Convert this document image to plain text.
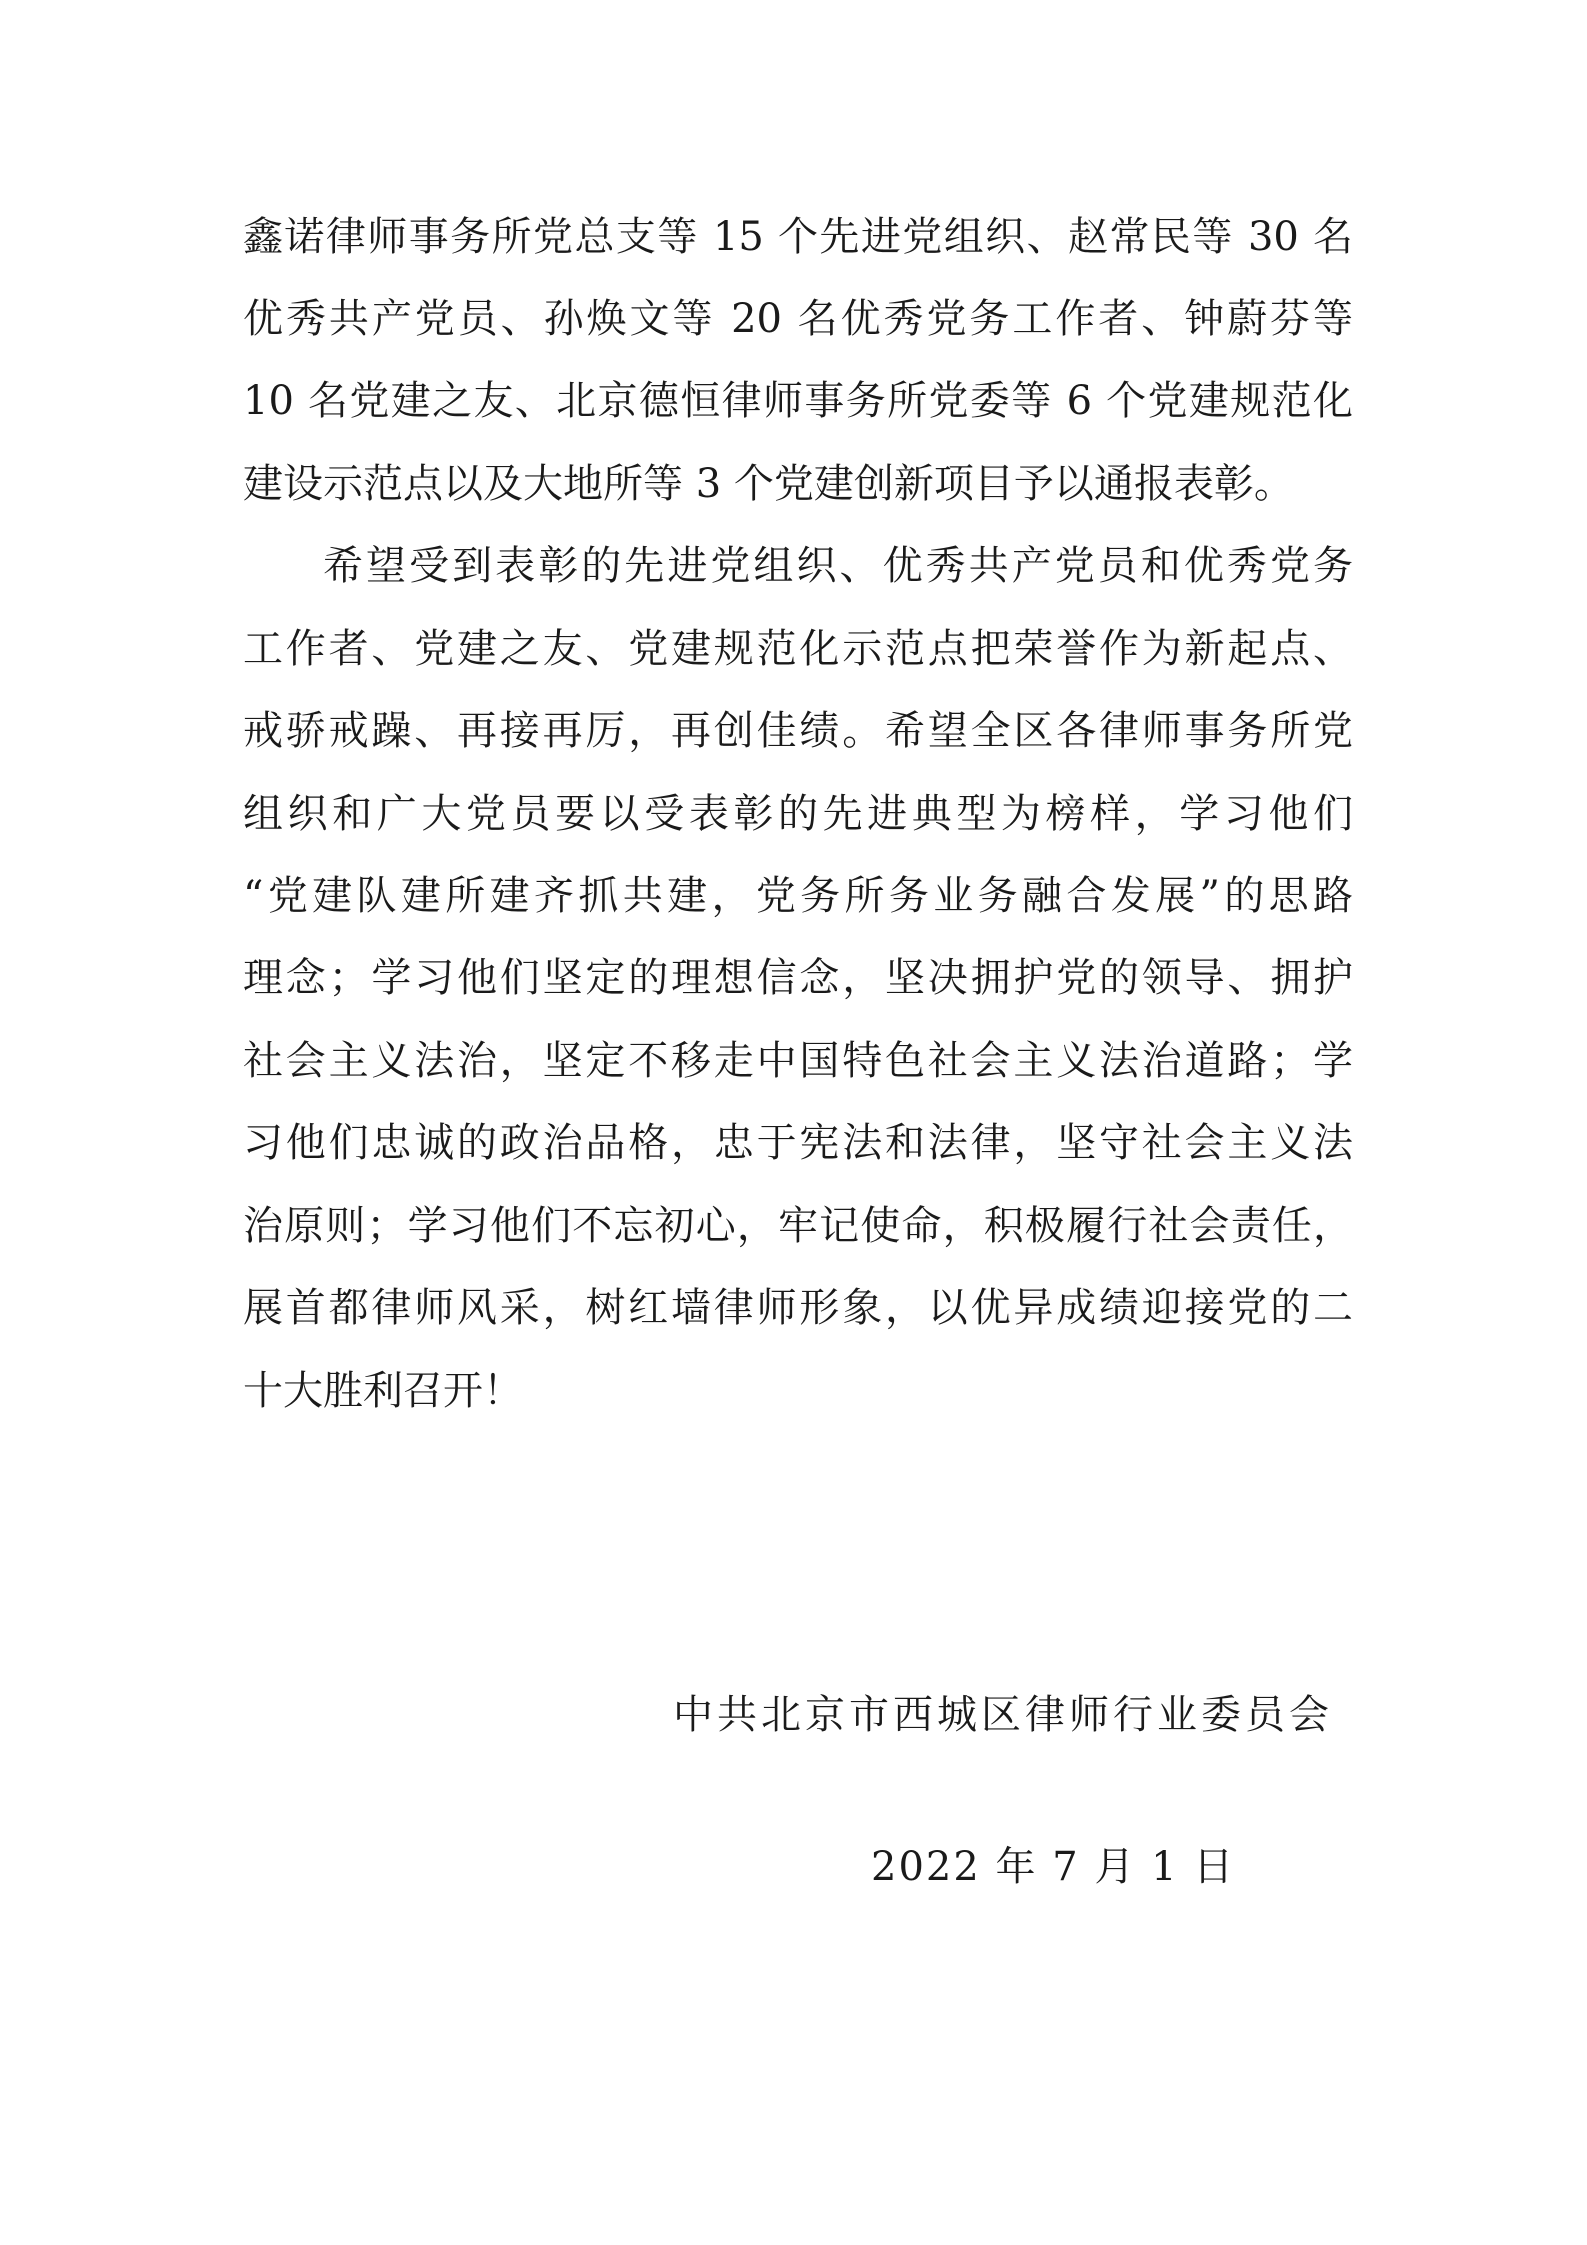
鑫诺律师事务所党总支等 15 个先进党组织、赵常民等 30 名
优秀共产党员、孙焕文等 20 名优秀党务工作者、钟蔚芬等
10 名党建之友、北京德恒律师事务所党委等 6 个党建规范化
建设示范点以及大地所等 3 个党建创新项目予以通报表彰。
希望受到表彰的先进党组织、优秀共产党员和优秀党务
工作者、党建之友、党建规范化示范点把荣誉作为新起点、
戒骄戒躁、再接再厉，再创佳绩。希望全区各律师事务所党
组织和广大党员要以受表彰的先进典型为榜样，学习他们
“党建队建所建齐抓共建，党务所务业务融合发展”的思路
理念；学习他们坚定的理想信念，坚决拥护党的领导、拥护
社会主义法治，坚定不移走中国特色社会主义法治道路；学
习他们忠诚的政治品格，忠于宪法和法律，坚守社会主义法
治原则；学习他们不忘初心，牢记使命，积极履行社会责任，
展首都律师风采，树红墙律师形象，以优异成绩迎接党的二
十大胜利召开！
中共北京市西城区律师行业委员会
2022 年 7 月 1 日
